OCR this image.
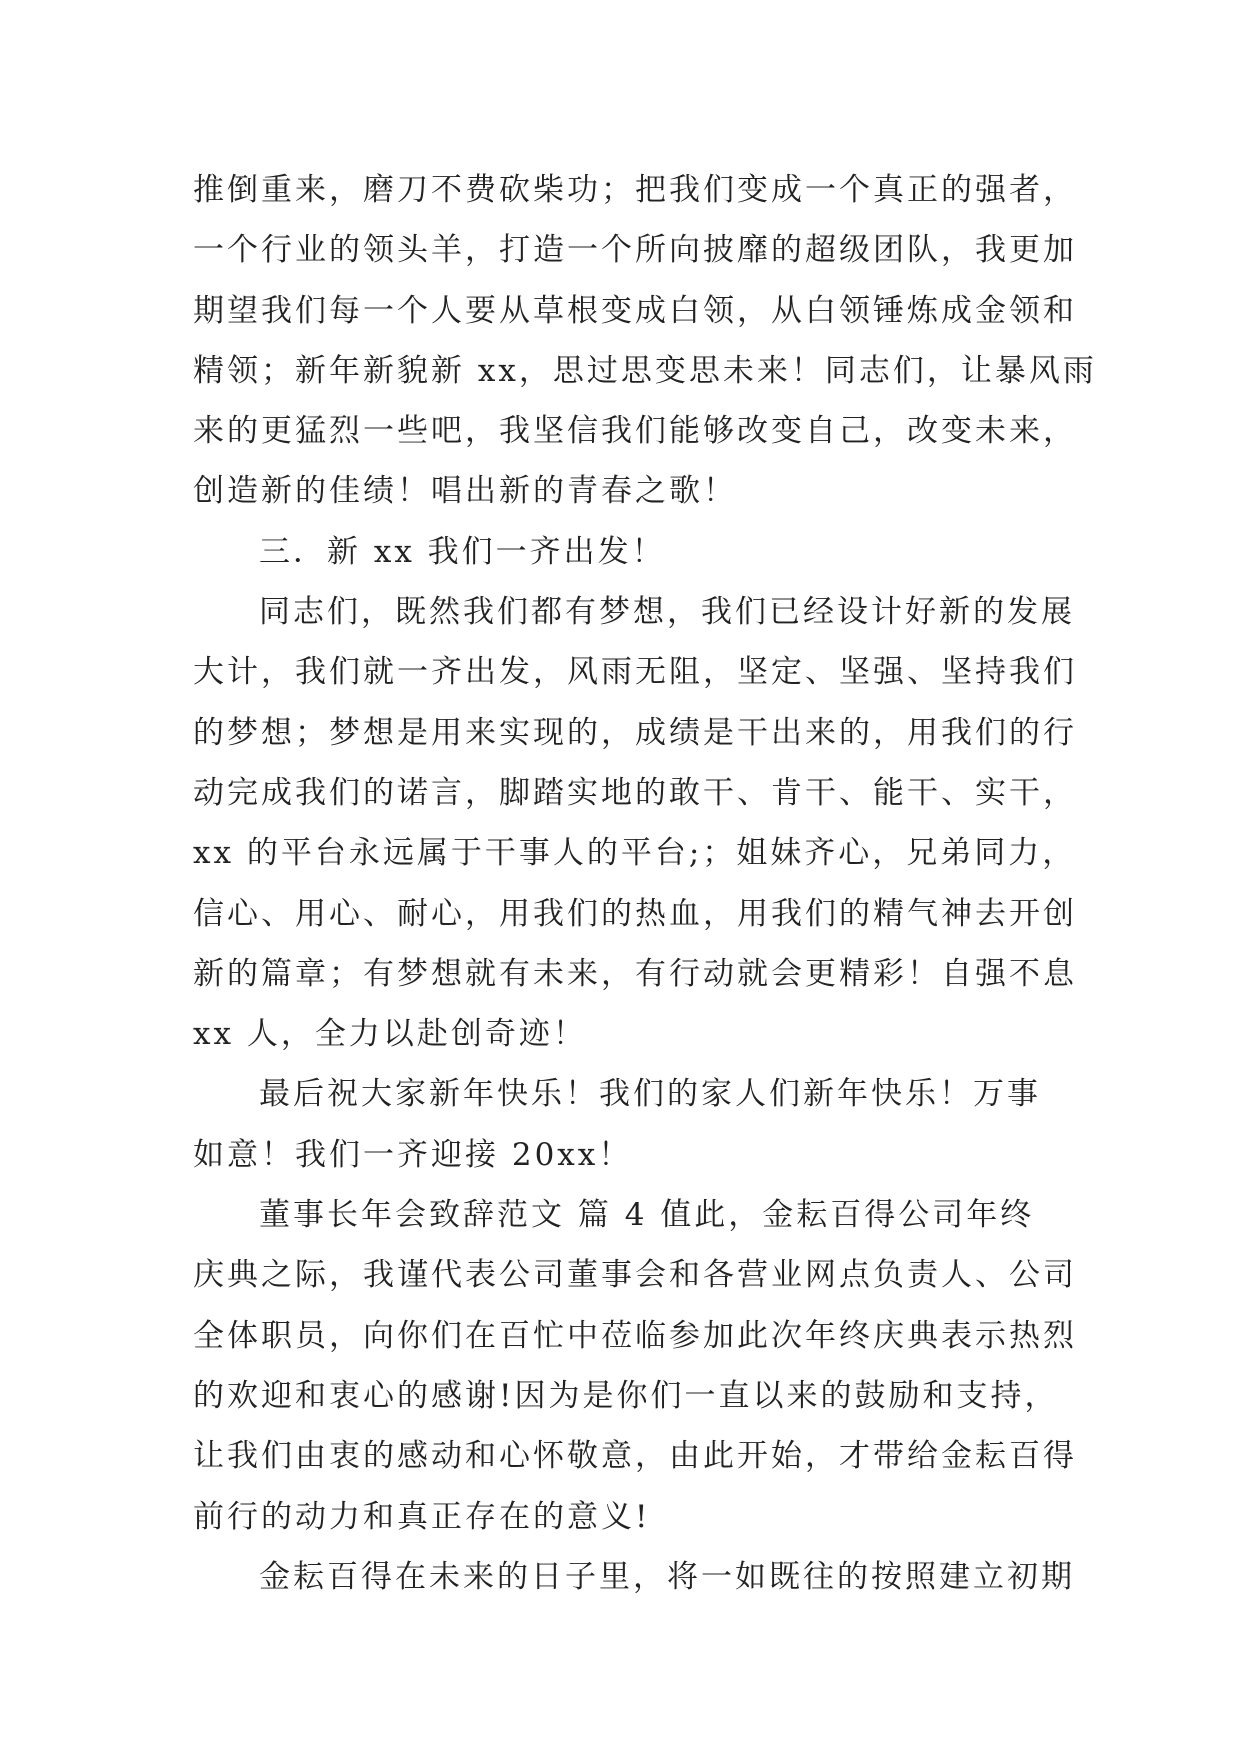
推倒重来，磨刀不费砍柴功；把我们变成一个真正的强者，
一个行业的领头羊，打造一个所向披靡的超级团队，我更加
期望我们每一个人要从草根变成白领，从白领锤炼成金领和
精领；新年新貌新 xx，思过思变思未来！同志们，让暴风雨
来的更猛烈一些吧，我坚信我们能够改变自己，改变未来，
创造新的佳绩！唱出新的青春之歌！
三．新 xx 我们一齐出发！
同志们，既然我们都有梦想，我们已经设计好新的发展
大计，我们就一齐出发，风雨无阻，坚定、坚强、坚持我们
的梦想；梦想是用来实现的，成绩是干出来的，用我们的行
动完成我们的诺言，脚踏实地的敢干、肯干、能干、实干，
xx 的平台永远属于干事人的平台;；姐妹齐心，兄弟同力，
信心、用心、耐心，用我们的热血，用我们的精气神去开创
新的篇章；有梦想就有未来，有行动就会更精彩！自强不息
xx 人，全力以赴创奇迹！
最后祝大家新年快乐！我们的家人们新年快乐！万事
如意！我们一齐迎接 20xx！
董事长年会致辞范文 篇 4 值此，金耘百得公司年终
庆典之际，我谨代表公司董事会和各营业网点负责人、公司
全体职员，向你们在百忙中莅临参加此次年终庆典表示热烈
的欢迎和衷心的感谢!因为是你们一直以来的鼓励和支持，
让我们由衷的感动和心怀敬意，由此开始，才带给金耘百得
前行的动力和真正存在的意义!
金耘百得在未来的日子里，将一如既往的按照建立初期
